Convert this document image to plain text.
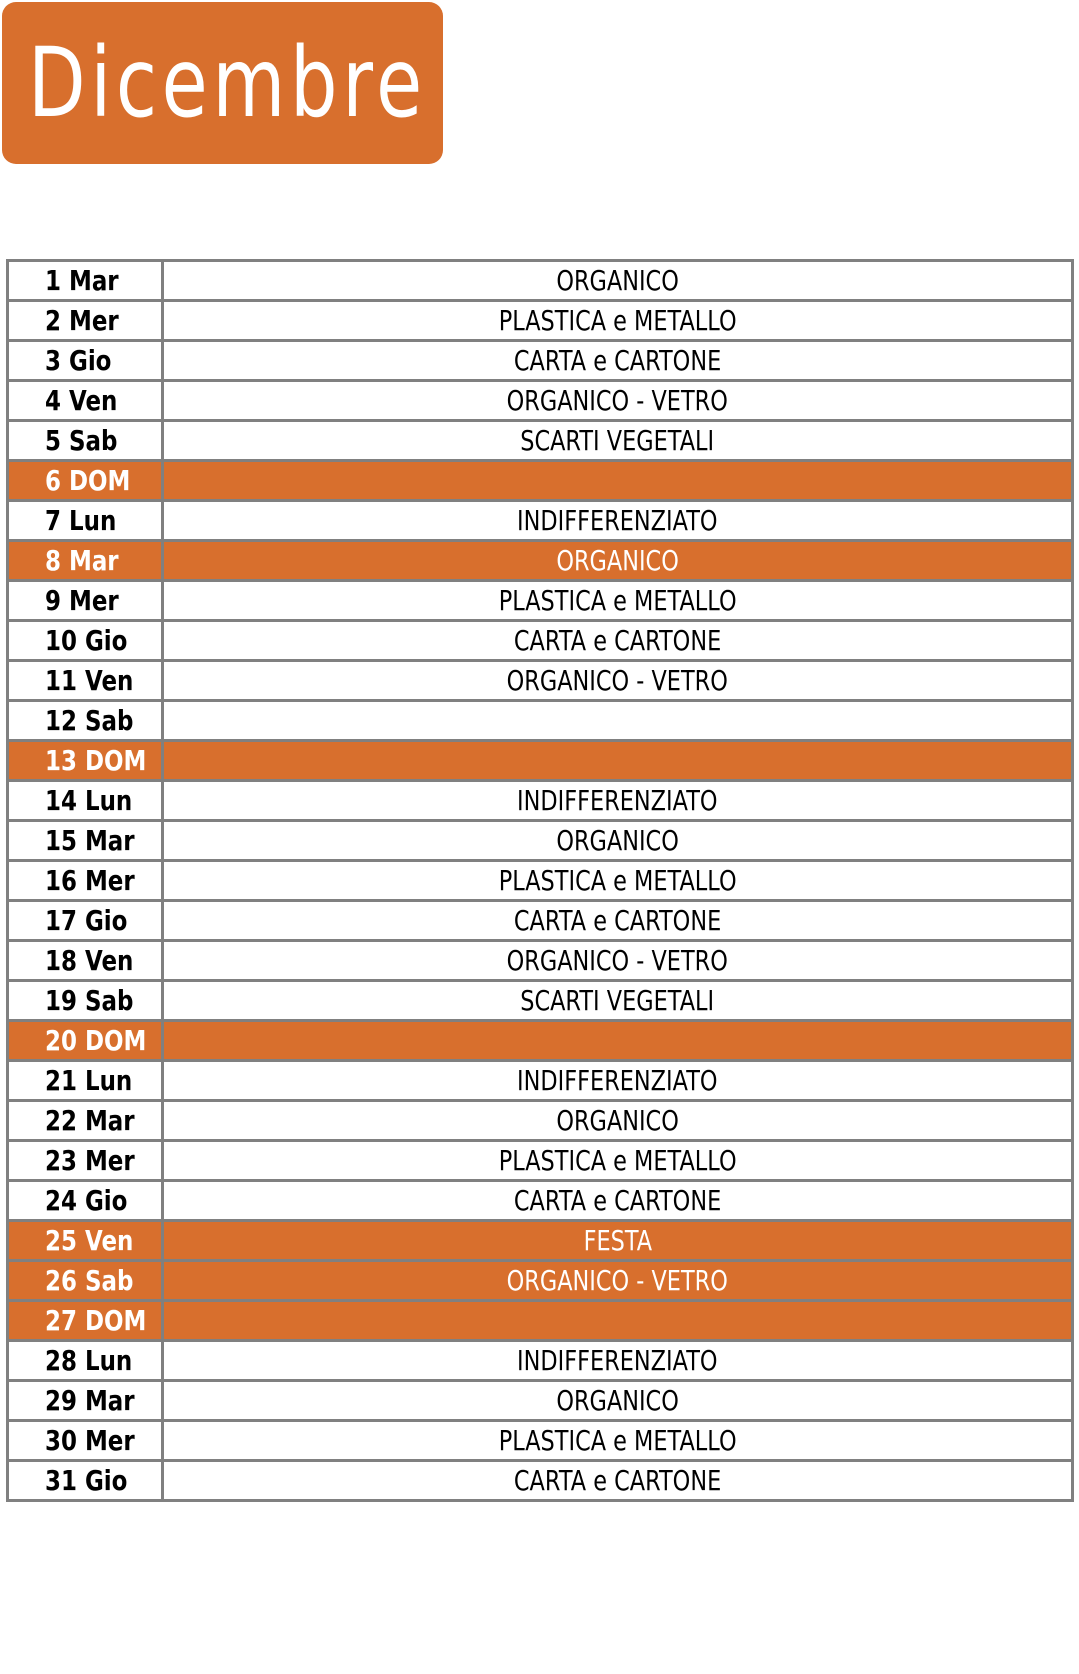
Dicembre
1 Mar	ORGANICO
2 Mer	PLASTICA e METALLO
3 Gio	CARTA e CARTONE
4 Ven	ORGANICO - VETRO
5 Sab	SCARTI VEGETALI
6 DOM	
7 Lun	INDIFFERENZIATO
8 Mar	ORGANICO
9 Mer	PLASTICA e METALLO
10 Gio	CARTA e CARTONE
11 Ven	ORGANICO - VETRO
12 Sab	
13 DOM	
14 Lun	INDIFFERENZIATO
15 Mar	ORGANICO
16 Mer	PLASTICA e METALLO
17 Gio	CARTA e CARTONE
18 Ven	ORGANICO - VETRO
19 Sab	SCARTI VEGETALI
20 DOM	
21 Lun	INDIFFERENZIATO
22 Mar	ORGANICO
23 Mer	PLASTICA e METALLO
24 Gio	CARTA e CARTONE
25 Ven	FESTA
26 Sab	ORGANICO - VETRO
27 DOM	
28 Lun	INDIFFERENZIATO
29 Mar	ORGANICO
30 Mer	PLASTICA e METALLO
31 Gio	CARTA e CARTONE
